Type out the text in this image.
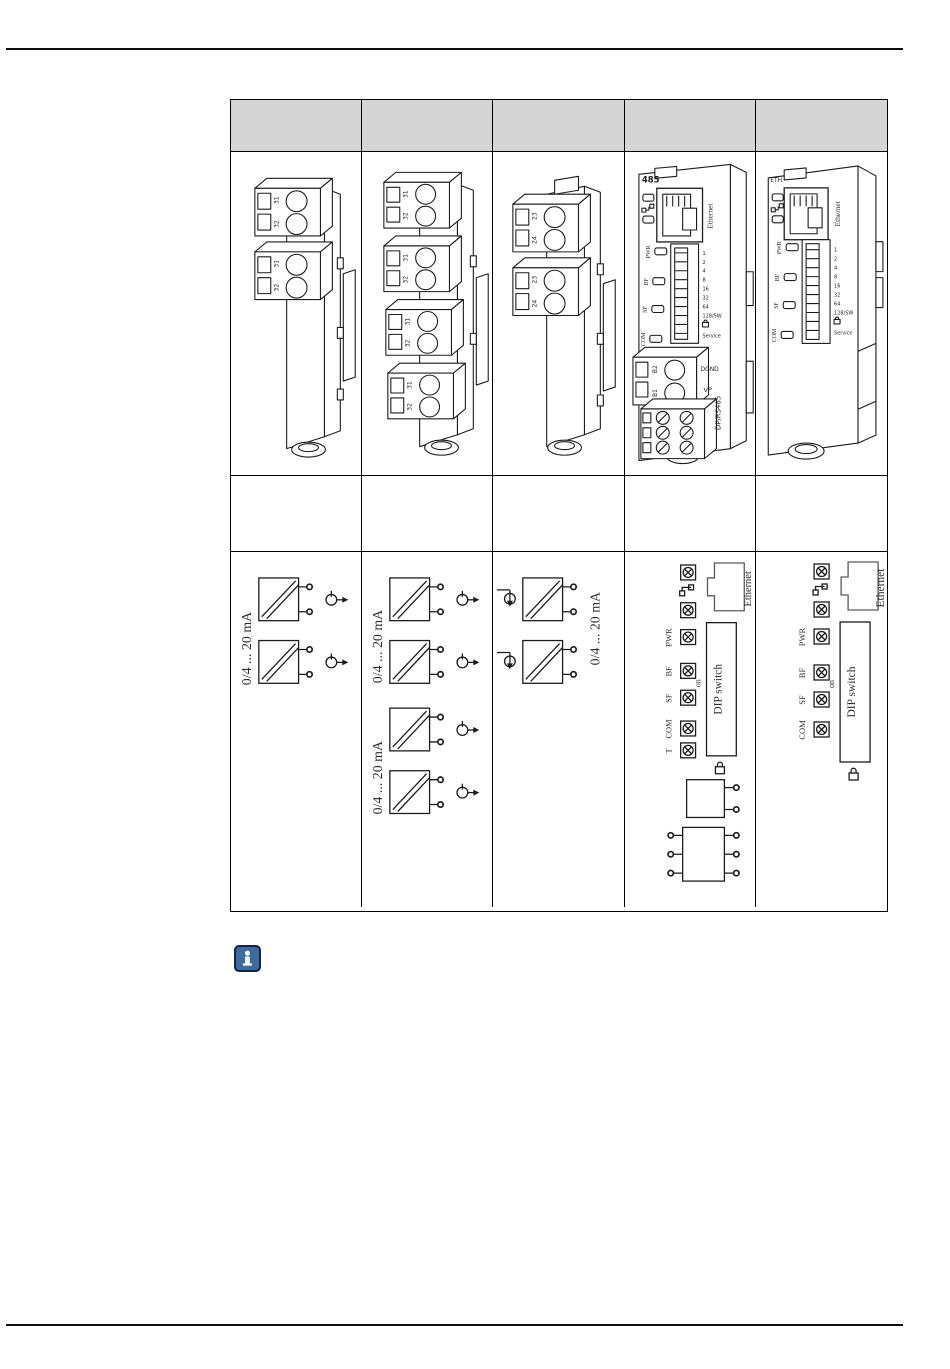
31
32
31
32
31
32
31
32
31
32
31
32
23
24
23
24
485
Ethernet
PWR
BF
SF
COM
1
2
4
8
16
32
64
128/SW
Service
B2
B1
DGND
VP
DP/RS485
ETH
Ethernet
PWR
BF
SF
COM
1
2
4
8
16
32
64
128/SW
Service
0/4 ... 20 mA	0/4 ... 20 mA
0/4 ... 20 mA
0/4 ... 20 mA
Ethernet
PWR
BF
SF
COM
T
DIP switch
on
Ethernet
PWR
BF
SF
COM
DIP switch
on
